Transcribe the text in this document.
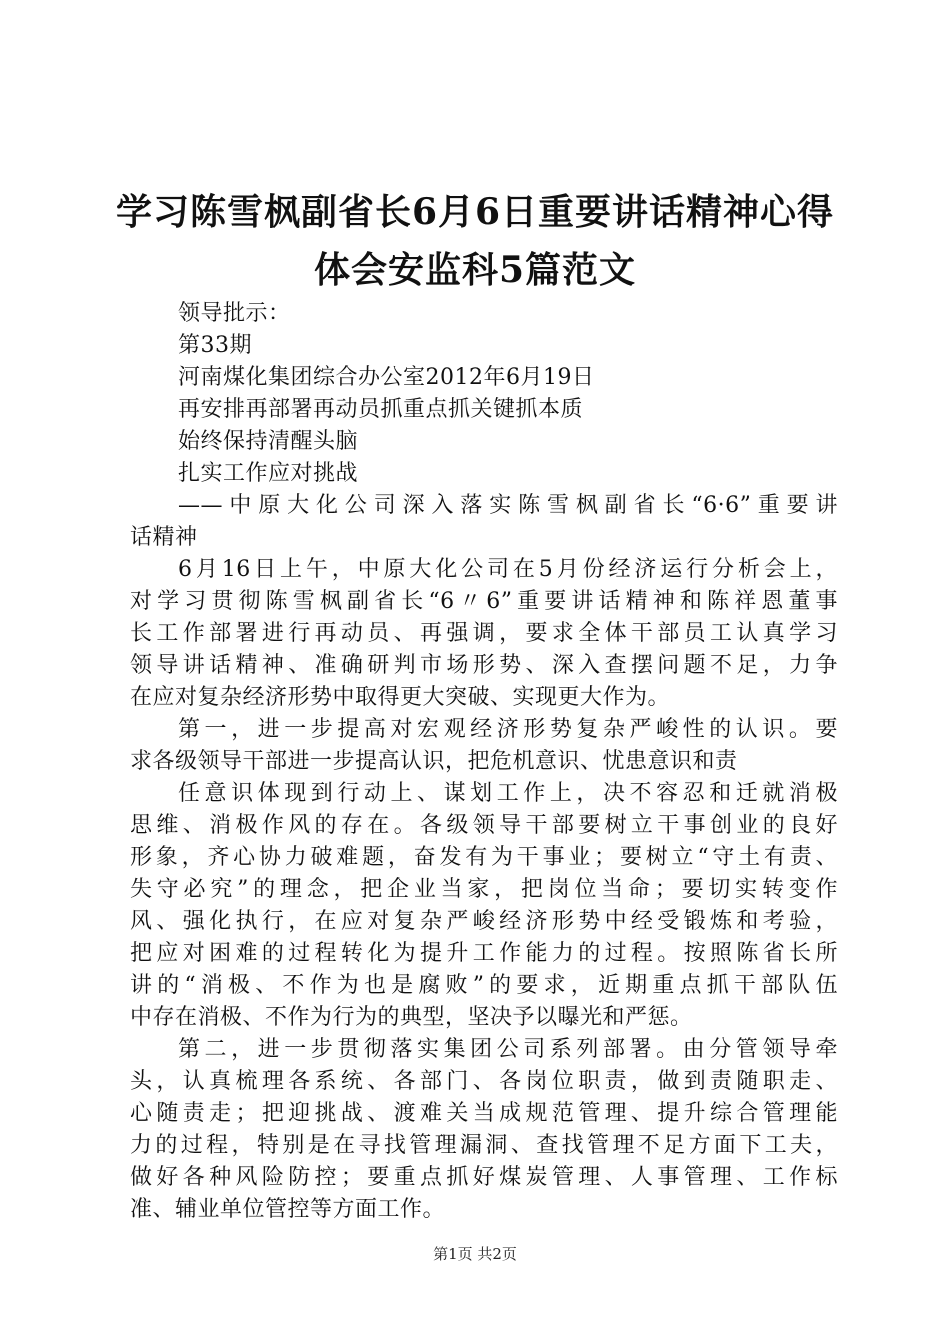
学习陈雪枫副省长6月6日重要讲话精神心得
体会安监科5篇范文
领导批示：
第33期
河南煤化集团综合办公室2012年6月19日
再安排再部署再动员抓重点抓关键抓本质
始终保持清醒头脑
扎实工作应对挑战
——中原大化公司深入落实陈雪枫副省长“6·6”重要讲
话精神
6月16日上午，中原大化公司在5月份经济运行分析会上，
对学习贯彻陈雪枫副省长“6〃6”重要讲话精神和陈祥恩董事
长工作部署进行再动员、再强调，要求全体干部员工认真学习
领导讲话精神、准确研判市场形势、深入查摆问题不足，力争
在应对复杂经济形势中取得更大突破、实现更大作为。
第一，进一步提高对宏观经济形势复杂严峻性的认识。要
求各级领导干部进一步提高认识，把危机意识、忧患意识和责
任意识体现到行动上、谋划工作上，决不容忍和迁就消极
思维、消极作风的存在。各级领导干部要树立干事创业的良好
形象，齐心协力破难题，奋发有为干事业；要树立“守土有责、
失守必究”的理念，把企业当家，把岗位当命；要切实转变作
风、强化执行，在应对复杂严峻经济形势中经受锻炼和考验，
把应对困难的过程转化为提升工作能力的过程。按照陈省长所
讲的“消极、不作为也是腐败”的要求，近期重点抓干部队伍
中存在消极、不作为行为的典型，坚决予以曝光和严惩。
第二，进一步贯彻落实集团公司系列部署。由分管领导牵
头，认真梳理各系统、各部门、各岗位职责，做到责随职走、
心随责走；把迎挑战、渡难关当成规范管理、提升综合管理能
力的过程，特别是在寻找管理漏洞、查找管理不足方面下工夫，
做好各种风险防控；要重点抓好煤炭管理、人事管理、工作标
准、辅业单位管控等方面工作。
第1页 共2页
